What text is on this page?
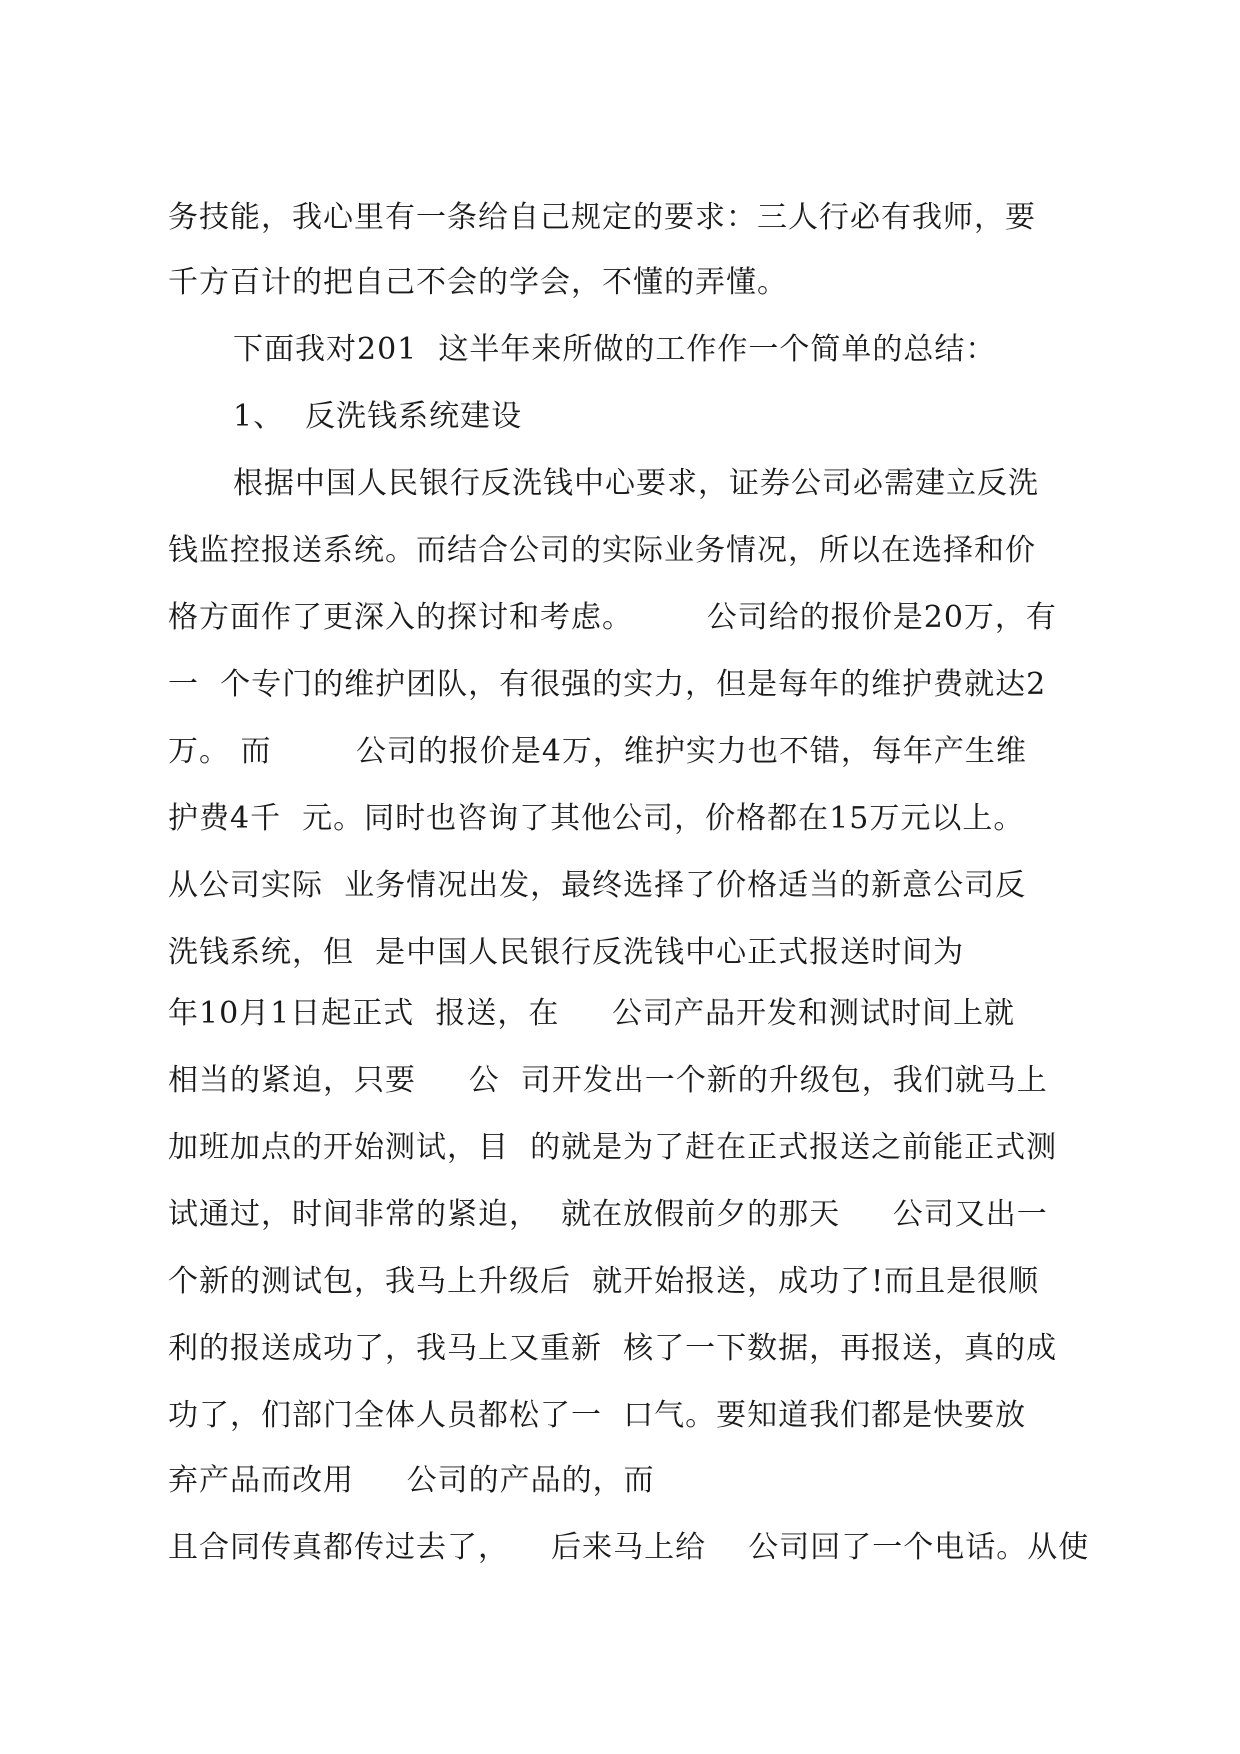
务技能，我心里有一条给自己规定的要求：三人行必有我师，要
千方百计的把自己不会的学会，不懂的弄懂。
下面我对201  这半年来所做的工作作一个简单的总结：
1、  反洗钱系统建设
根据中国人民银行反洗钱中心要求，证券公司必需建立反洗
钱监控报送系统。而结合公司的实际业务情况，所以在选择和价
格方面作了更深入的探讨和考虑。       公司给的报价是20万，有
一  个专门的维护团队，有很强的实力，但是每年的维护费就达2
万。 而        公司的报价是4万，维护实力也不错，每年产生维
护费4千  元。同时也咨询了其他公司，价格都在15万元以上。
从公司实际  业务情况出发，最终选择了价格适当的新意公司反
洗钱系统，但  是中国人民银行反洗钱中心正式报送时间为
年10月1日起正式  报送，在     公司产品开发和测试时间上就
相当的紧迫，只要     公  司开发出一个新的升级包，我们就马上
加班加点的开始测试，目  的就是为了赶在正式报送之前能正式测
试通过，时间非常的紧迫，  就在放假前夕的那天     公司又出一
个新的测试包，我马上升级后  就开始报送，成功了!而且是很顺
利的报送成功了，我马上又重新  核了一下数据，再报送，真的成
功了，们部门全体人员都松了一  口气。要知道我们都是快要放
弃产品而改用     公司的产品的，而
且合同传真都传过去了，    后来马上给    公司回了一个电话。从使
